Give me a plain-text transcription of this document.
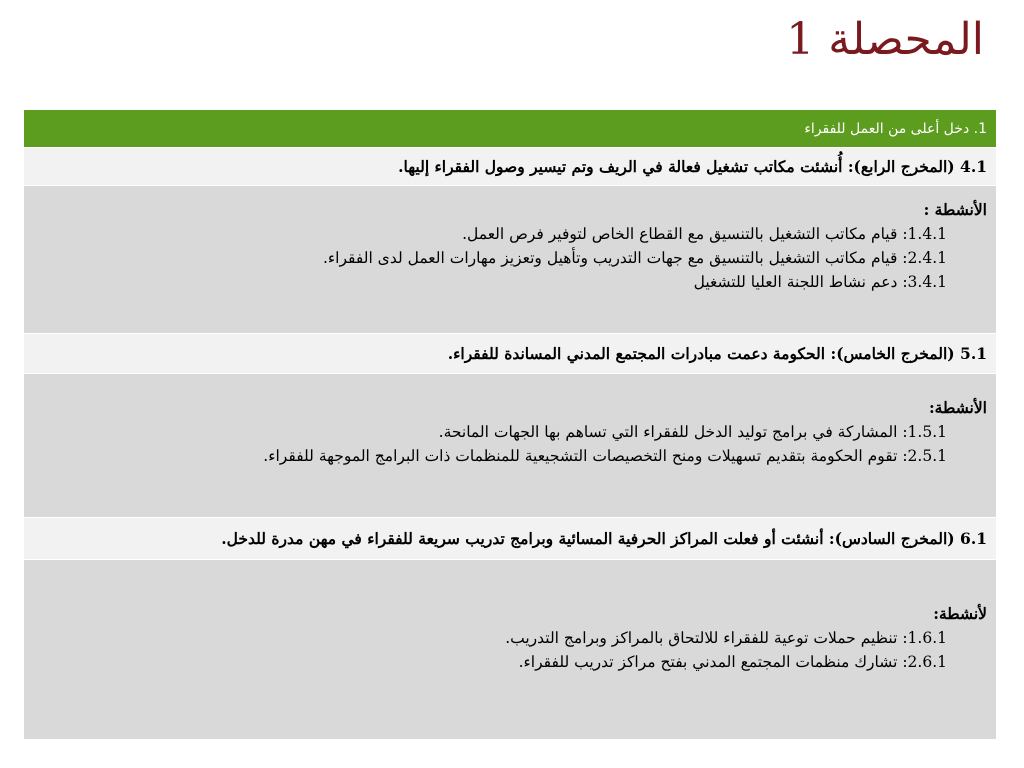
المحصلة 1
1. دخل أعلى من العمل للفقراء
4.1 (المخرج الرابع): أُنشئت مكاتب تشغيل فعالة في الريف وتم تيسير وصول الفقراء إليها.
الأنشطة :
1.4.1: قيام مكاتب التشغيل بالتنسيق مع القطاع الخاص لتوفير فرص العمل.
2.4.1: قيام مكاتب التشغيل بالتنسيق مع جهات التدريب وتأهيل وتعزيز مهارات العمل لدى الفقراء.
3.4.1: دعم نشاط اللجنة العليا للتشغيل
5.1 (المخرج الخامس): الحكومة دعمت مبادرات المجتمع المدني المساندة للفقراء.
الأنشطة:
1.5.1: المشاركة في برامج توليد الدخل للفقراء التي تساهم بها الجهات المانحة.
2.5.1: تقوم الحكومة بتقديم تسهيلات ومنح التخصيصات التشجيعية للمنظمات ذات البرامج الموجهة للفقراء.
6.1 (المخرج السادس): أنشئت أو فعلت المراكز الحرفية المسائية وبرامج تدريب سريعة للفقراء في مهن مدرة للدخل.
لأنشطة:
1.6.1: تنظيم حملات توعية للفقراء للالتحاق بالمراكز وبرامج التدريب.
2.6.1: تشارك منظمات المجتمع المدني بفتح مراكز تدريب للفقراء.
